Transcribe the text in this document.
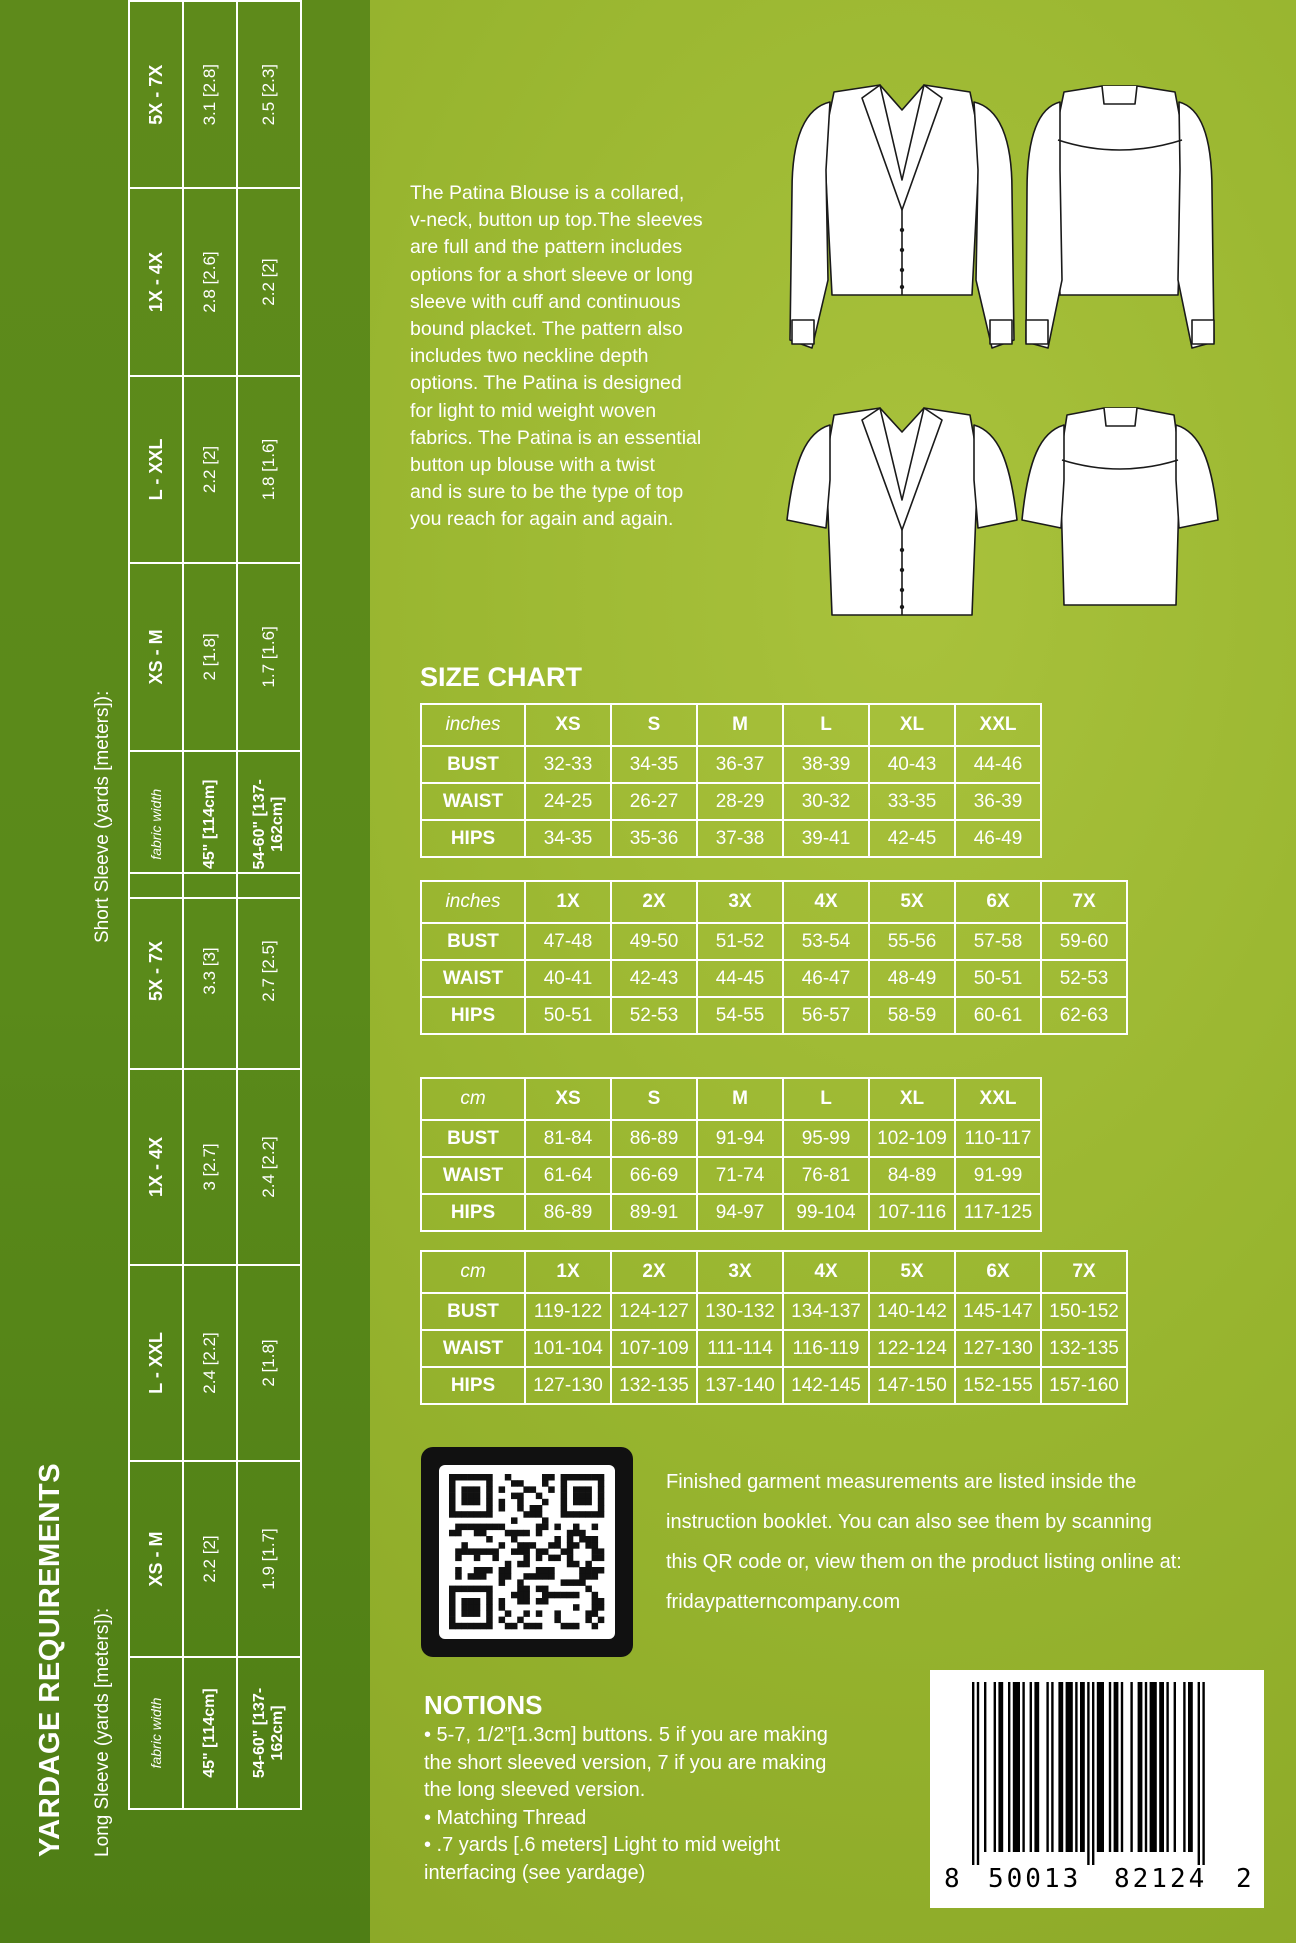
YARDAGE REQUIREMENTS Long Sleeve (yards [meters]):	fabric width	XS - M	L - XXL	1X - 4X	5X - 7X
45" [114cm]	2.2 [2]	2.4 [2.2]	3 [2.7]	3.3 [3]
54-60" [137-162cm]	1.9 [1.7]	2 [1.8]	2.4 [2.2]	2.7 [2.5]
Short Sleeve (yards [meters]):	fabric width	XS - M	L - XXL	1X - 4X	5X - 7X
45" [114cm]	2 [1.8]	2.2 [2]	2.8 [2.6]	3.1 [2.8]
54-60" [137-162cm]	1.7 [1.6]	1.8 [1.6]	2.2 [2]	2.5 [2.3]
The Patina Blouse is a collared,
v-neck, button up top.The sleeves
are full and the pattern includes
options for a short sleeve or long
sleeve with cuff and continuous
bound placket. The pattern also
includes two neckline depth
options. The Patina is designed
for light to mid weight woven
fabrics. The Patina is an essential
button up blouse with a twist
and is sure to be the type of top
you reach for again and again.
SIZE CHART
inches	XS	S	M	L	XL	XXL
BUST	32-33	34-35	36-37	38-39	40-43	44-46
WAIST	24-25	26-27	28-29	30-32	33-35	36-39
HIPS	34-35	35-36	37-38	39-41	42-45	46-49
inches	1X	2X	3X	4X	5X	6X	7X
BUST	47-48	49-50	51-52	53-54	55-56	57-58	59-60
WAIST	40-41	42-43	44-45	46-47	48-49	50-51	52-53
HIPS	50-51	52-53	54-55	56-57	58-59	60-61	62-63
cm	XS	S	M	L	XL	XXL
BUST	81-84	86-89	91-94	95-99	102-109	110-117
WAIST	61-64	66-69	71-74	76-81	84-89	91-99
HIPS	86-89	89-91	94-97	99-104	107-116	117-125
cm	1X	2X	3X	4X	5X	6X	7X
BUST	119-122	124-127	130-132	134-137	140-142	145-147	150-152
WAIST	101-104	107-109	111-114	116-119	122-124	127-130	132-135
HIPS	127-130	132-135	137-140	142-145	147-150	152-155	157-160
Finished garment measurements are listed inside the
instruction booklet. You can also see them by scanning
this QR code or, view them on the product listing online at:
fridaypatterncompany.com
NOTIONS
• 5-7, 1/2”[1.3cm] buttons. 5 if you are making
the short sleeved version, 7 if you are making
the long sleeved version.
• Matching Thread
• .7 yards [.6 meters] Light to mid weight
interfacing (see yardage)	8 50013 82124 2
